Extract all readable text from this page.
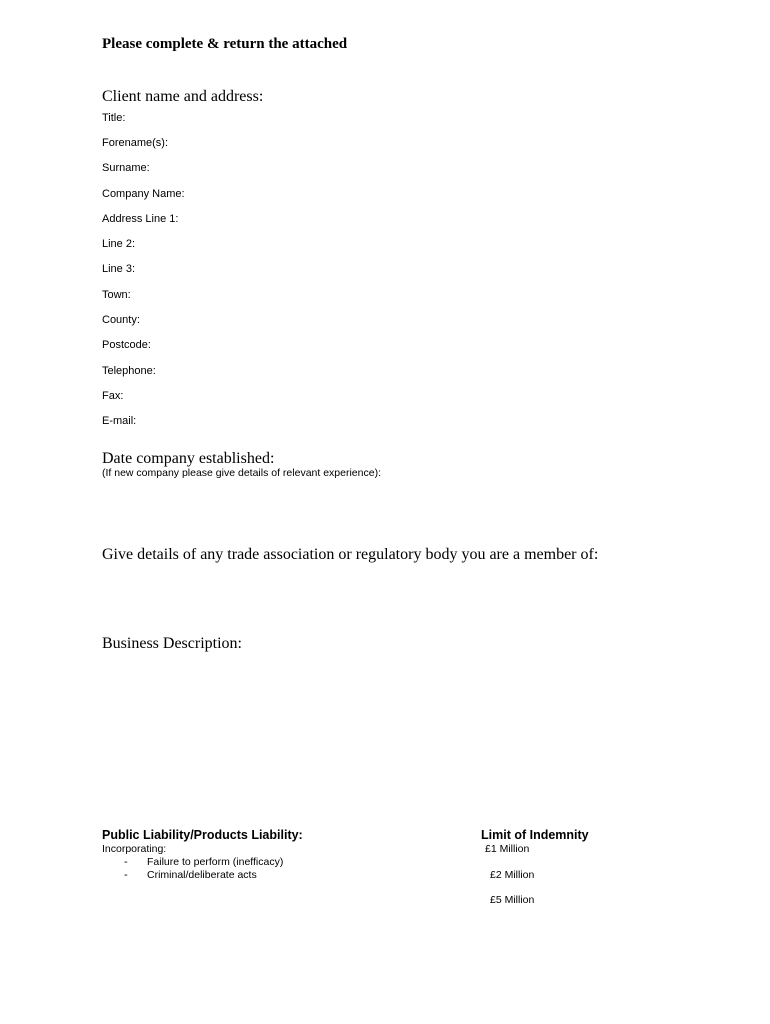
Please complete & return the attached
Client name and address:
Title:
Forename(s):
Surname:
Company Name:
Address Line 1:
Line 2:
Line 3:
Town:
County:
Postcode:
Telephone:
Fax:
E-mail:
Date company established:
(If new company please give details of relevant experience):
Give details of any trade association or regulatory body you are a member of:
Business Description:
Public Liability/Products Liability:
Incorporating:
- Failure to perform (inefficacy)
- Criminal/deliberate acts
Limit of Indemnity
£1 Million
£2 Million
£5 Million
